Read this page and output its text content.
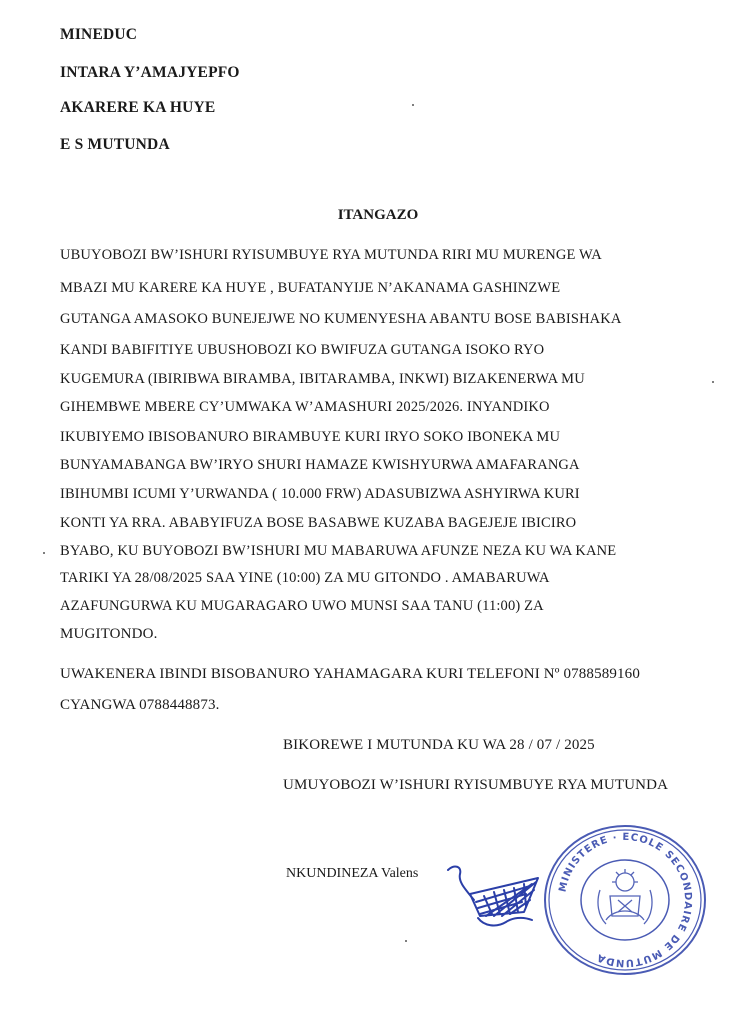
MINEDUC
INTARA Y’AMAJYEPFO
AKARERE KA HUYE
E S MUTUNDA
ITANGAZO
UBUYOBOZI BW’ISHURI RYISUMBUYE RYA MUTUNDA RIRI MU MURENGE WA
MBAZI MU KARERE KA HUYE , BUFATANYIJE N’AKANAMA GASHINZWE
GUTANGA AMASOKO BUNEJEJWE NO KUMENYESHA ABANTU BOSE BABISHAKA
KANDI BABIFITIYE UBUSHOBOZI KO BWIFUZA GUTANGA ISOKO RYO
KUGEMURA (IBIRIBWA BIRAMBA, IBITARAMBA, INKWI) BIZAKENERWA MU
GIHEMBWE MBERE CY’UMWAKA W’AMASHURI 2025/2026. INYANDIKO
IKUBIYEMO IBISOBANURO BIRAMBUYE KURI IRYO SOKO IBONEKA MU
BUNYAMABANGA BW’IRYO SHURI HAMAZE KWISHYURWA AMAFARANGA
IBIHUMBI ICUMI Y’URWANDA ( 10.000 FRW) ADASUBIZWA ASHYIRWA KURI
KONTI YA RRA. ABABYIFUZA BOSE BASABWE KUZABA BAGEJEJE IBICIRO
BYABO, KU BUYOBOZI BW’ISHURI MU MABARUWA AFUNZE NEZA KU WA KANE
TARIKI YA 28/08/2025 SAA YINE (10:00) ZA MU GITONDO . AMABARUWA
AZAFUNGURWA KU MUGARAGARO UWO MUNSI SAA TANU (11:00) ZA
MUGITONDO.
UWAKENERA IBINDI BISOBANURO YAHAMAGARA KURI TELEFONI Nº 0788589160
CYANGWA 0788448873.
BIKOREWE I MUTUNDA KU WA 28 / 07 / 2025
UMUYOBOZI W’ISHURI RYISUMBUYE RYA MUTUNDA
NKUNDINEZA Valens
MINISTERE · ECOLE SECONDAIRE DE MUTUNDA
